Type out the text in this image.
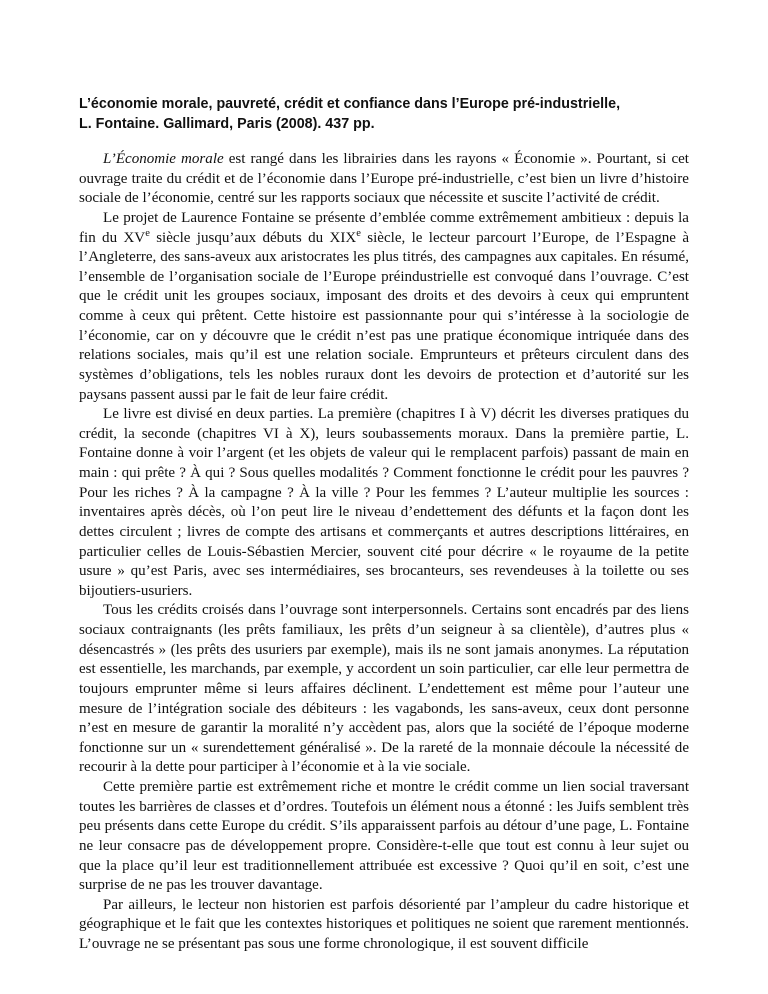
L’économie morale, pauvreté, crédit et confiance dans l’Europe pré-industrielle,
L. Fontaine. Gallimard, Paris (2008). 437 pp.

L’Économie morale est rangé dans les librairies dans les rayons « Économie ». Pourtant, si cet ouvrage traite du crédit et de l’économie dans l’Europe pré-industrielle, c’est bien un livre d’histoire sociale de l’économie, centré sur les rapports sociaux que nécessite et suscite l’activité de crédit.

Le projet de Laurence Fontaine se présente d’emblée comme extrêmement ambitieux : depuis la fin du XVe siècle jusqu’aux débuts du XIXe siècle, le lecteur parcourt l’Europe, de l’Espagne à l’Angleterre, des sans-aveux aux aristocrates les plus titrés, des campagnes aux capitales. En résumé, l’ensemble de l’organisation sociale de l’Europe préindustrielle est convoqué dans l’ouvrage. C’est que le crédit unit les groupes sociaux, imposant des droits et des devoirs à ceux qui empruntent comme à ceux qui prêtent. Cette histoire est passionnante pour qui s’intéresse à la sociologie de l’économie, car on y découvre que le crédit n’est pas une pratique économique intriquée dans des relations sociales, mais qu’il est une relation sociale. Emprunteurs et prêteurs circulent dans des systèmes d’obligations, tels les nobles ruraux dont les devoirs de protection et d’autorité sur les paysans passent aussi par le fait de leur faire crédit.

Le livre est divisé en deux parties. La première (chapitres I à V) décrit les diverses pratiques du crédit, la seconde (chapitres VI à X), leurs soubassements moraux. Dans la première partie, L. Fontaine donne à voir l’argent (et les objets de valeur qui le remplacent parfois) passant de main en main : qui prête ? À qui ? Sous quelles modalités ? Comment fonctionne le crédit pour les pauvres ? Pour les riches ? À la campagne ? À la ville ? Pour les femmes ? L’auteur multiplie les sources : inventaires après décès, où l’on peut lire le niveau d’endettement des défunts et la façon dont les dettes circulent ; livres de compte des artisans et commerçants et autres descriptions littéraires, en particulier celles de Louis-Sébastien Mercier, souvent cité pour décrire « le royaume de la petite usure » qu’est Paris, avec ses intermédiaires, ses brocanteurs, ses revendeuses à la toilette ou ses bijoutiers-usuriers.

Tous les crédits croisés dans l’ouvrage sont interpersonnels. Certains sont encadrés par des liens sociaux contraignants (les prêts familiaux, les prêts d’un seigneur à sa clientèle), d’autres plus « désencastrés » (les prêts des usuriers par exemple), mais ils ne sont jamais anonymes. La réputation est essentielle, les marchands, par exemple, y accordent un soin particulier, car elle leur permettra de toujours emprunter même si leurs affaires déclinent. L’endettement est même pour l’auteur une mesure de l’intégration sociale des débiteurs : les vagabonds, les sans-aveux, ceux dont personne n’est en mesure de garantir la moralité n’y accèdent pas, alors que la société de l’époque moderne fonctionne sur un « surendettement généralisé ». De la rareté de la monnaie découle la nécessité de recourir à la dette pour participer à l’économie et à la vie sociale.

Cette première partie est extrêmement riche et montre le crédit comme un lien social traversant toutes les barrières de classes et d’ordres. Toutefois un élément nous a étonné : les Juifs semblent très peu présents dans cette Europe du crédit. S’ils apparaissent parfois au détour d’une page, L. Fontaine ne leur consacre pas de développement propre. Considère-t-elle que tout est connu à leur sujet ou que la place qu’il leur est traditionnellement attribuée est excessive ? Quoi qu’il en soit, c’est une surprise de ne pas les trouver davantage.

Par ailleurs, le lecteur non historien est parfois désorienté par l’ampleur du cadre historique et géographique et le fait que les contextes historiques et politiques ne soient que rarement mentionnés. L’ouvrage ne se présentant pas sous une forme chronologique, il est souvent difficile
